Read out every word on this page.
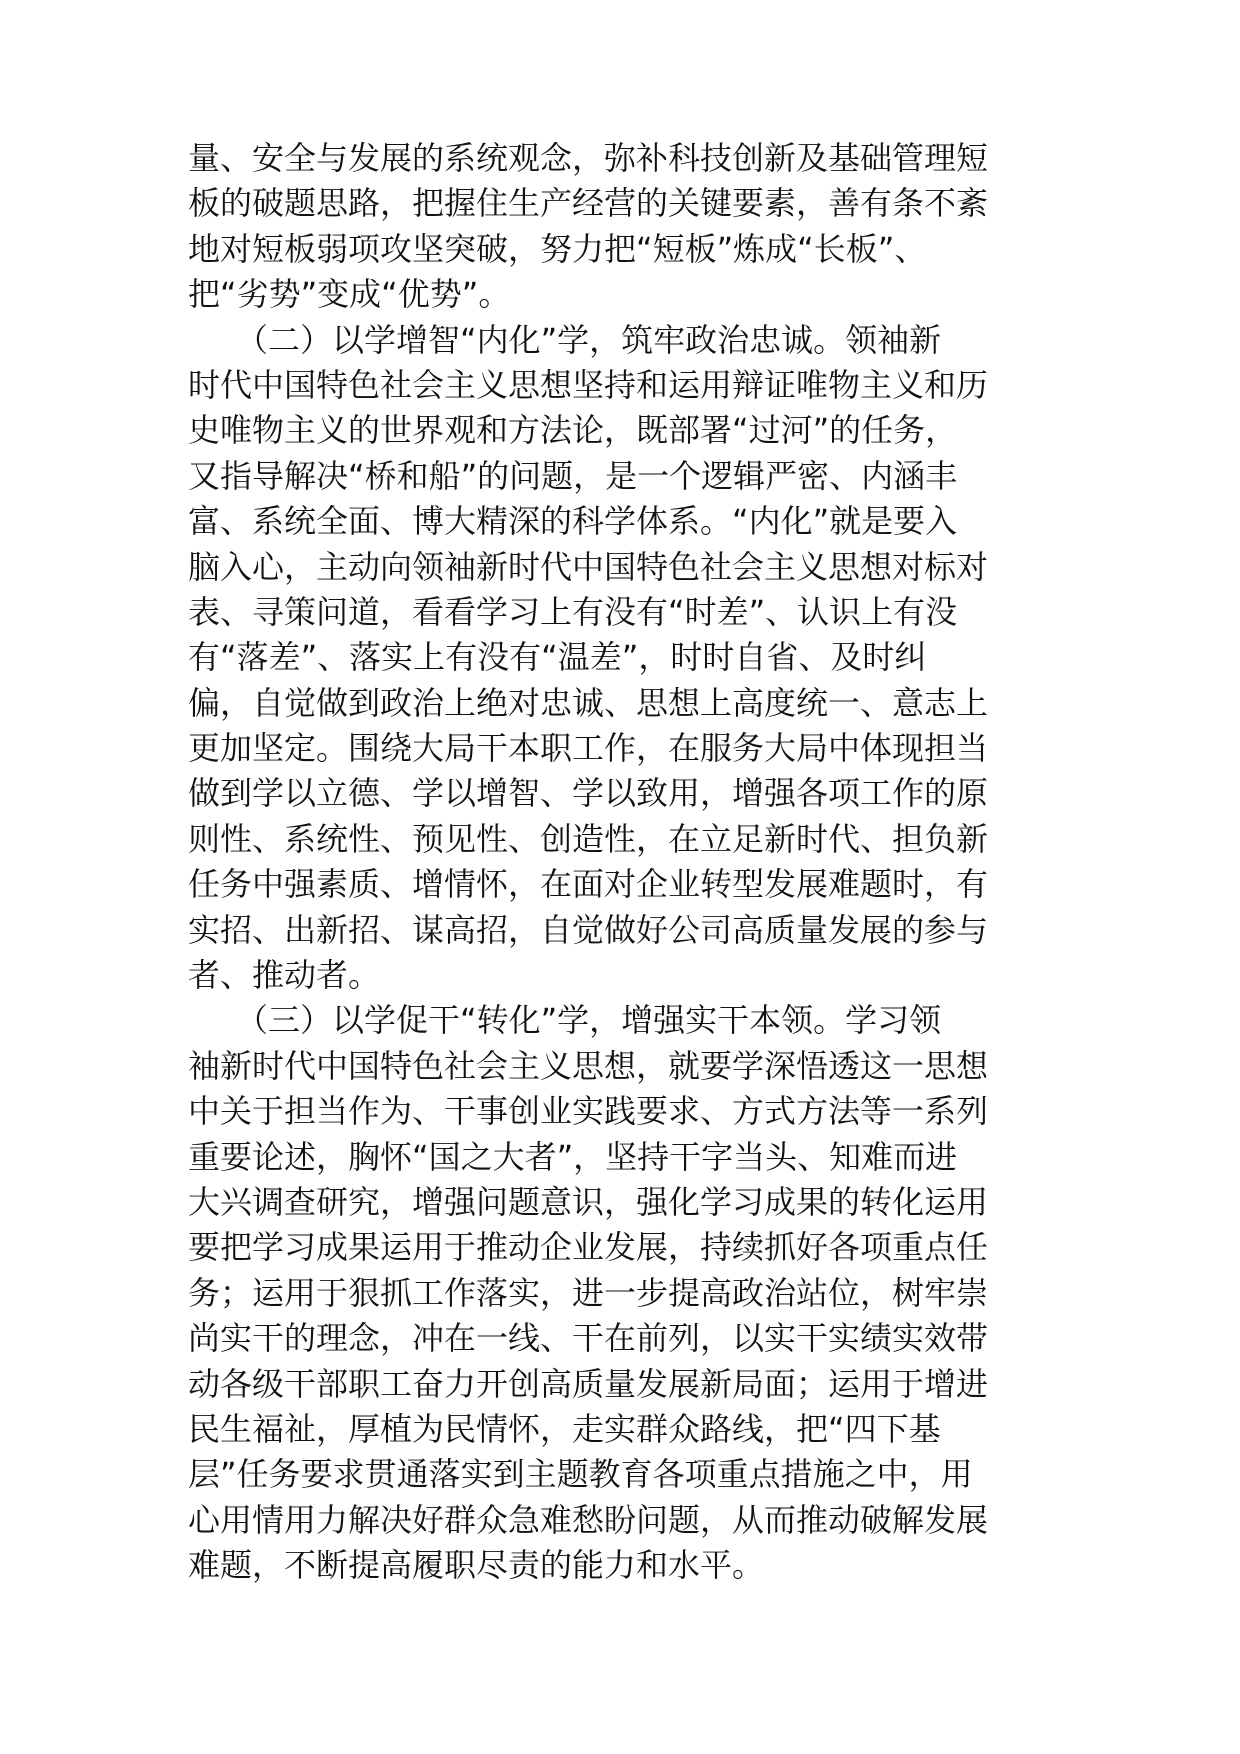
量、安全与发展的系统观念，弥补科技创新及基础管理短
板的破题思路，把握住生产经营的关键要素，善有条不紊
地对短板弱项攻坚突破，努力把“短板”炼成“长板”、
把“劣势”变成“优势”。
　　（二）以学增智“内化”学，筑牢政治忠诚。领袖新
时代中国特色社会主义思想坚持和运用辩证唯物主义和历
史唯物主义的世界观和方法论，既部署“过河”的任务，
又指导解决“桥和船”的问题，是一个逻辑严密、内涵丰
富、系统全面、博大精深的科学体系。“内化”就是要入
脑入心，主动向领袖新时代中国特色社会主义思想对标对
表、寻策问道，看看学习上有没有“时差”、认识上有没
有“落差”、落实上有没有“温差”，时时自省、及时纠
偏，自觉做到政治上绝对忠诚、思想上高度统一、意志上
更加坚定。围绕大局干本职工作，在服务大局中体现担当
做到学以立德、学以增智、学以致用，增强各项工作的原
则性、系统性、预见性、创造性，在立足新时代、担负新
任务中强素质、增情怀，在面对企业转型发展难题时，有
实招、出新招、谋高招，自觉做好公司高质量发展的参与
者、推动者。
　　（三）以学促干“转化”学，增强实干本领。学习领
袖新时代中国特色社会主义思想，就要学深悟透这一思想
中关于担当作为、干事创业实践要求、方式方法等一系列
重要论述，胸怀“国之大者”，坚持干字当头、知难而进
大兴调查研究，增强问题意识，强化学习成果的转化运用
要把学习成果运用于推动企业发展，持续抓好各项重点任
务；运用于狠抓工作落实，进一步提高政治站位，树牢崇
尚实干的理念，冲在一线、干在前列，以实干实绩实效带
动各级干部职工奋力开创高质量发展新局面；运用于增进
民生福祉，厚植为民情怀，走实群众路线，把“四下基
层”任务要求贯通落实到主题教育各项重点措施之中，用
心用情用力解决好群众急难愁盼问题，从而推动破解发展
难题，不断提高履职尽责的能力和水平。
